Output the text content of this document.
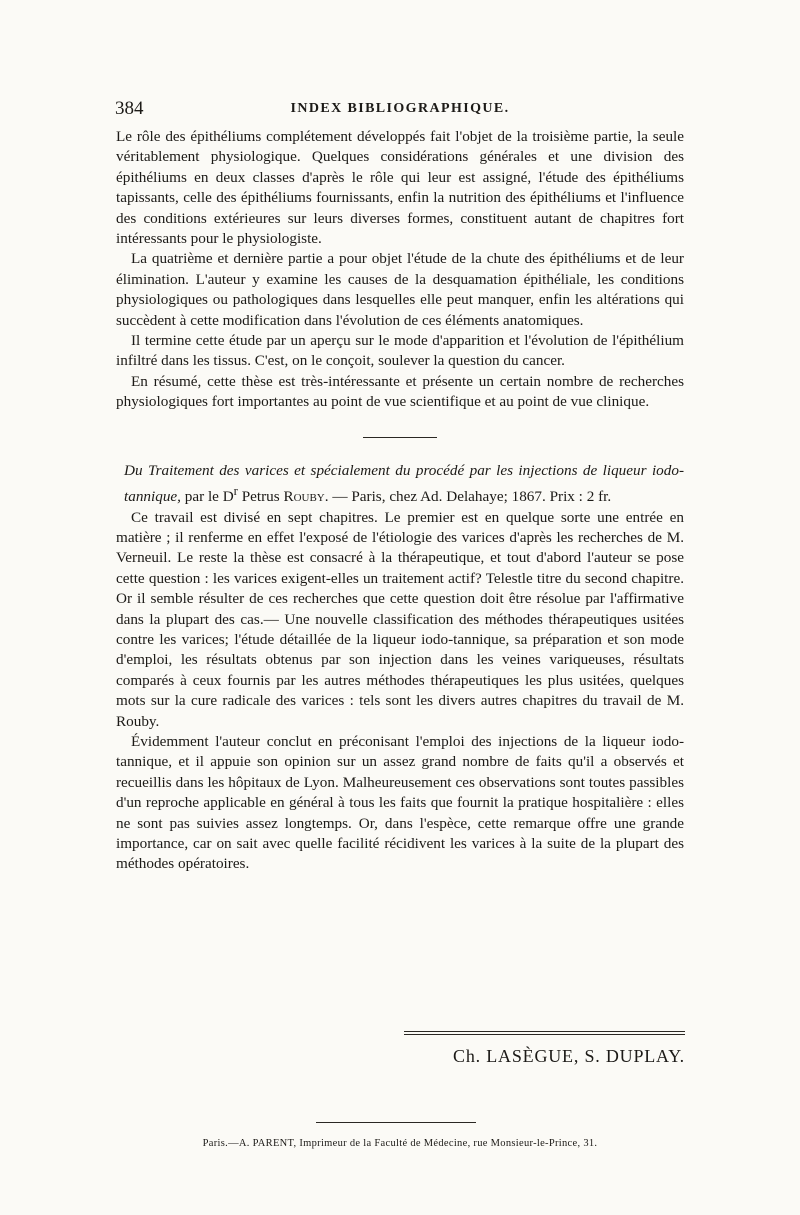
384	INDEX BIBLIOGRAPHIQUE.

Le rôle des épithéliums complétement développés fait l'objet de la troisième partie, la seule véritablement physiologique. Quelques considérations générales et une division des épithéliums en deux classes d'après le rôle qui leur est assigné, l'étude des épithéliums tapissants, celle des épithéliums fournissants, enfin la nutrition des épithéliums et l'influence des conditions extérieures sur leurs diverses formes, constituent autant de chapitres fort intéressants pour le physiologiste.

La quatrième et dernière partie a pour objet l'étude de la chute des épithéliums et de leur élimination. L'auteur y examine les causes de la desquamation épithéliale, les conditions physiologiques ou pathologiques dans lesquelles elle peut manquer, enfin les altérations qui succèdent à cette modification dans l'évolution de ces éléments anatomiques.

Il termine cette étude par un aperçu sur le mode d'apparition et l'évolution de l'épithélium infiltré dans les tissus. C'est, on le conçoit, soulever la question du cancer.

En résumé, cette thèse est très-intéressante et présente un certain nombre de recherches physiologiques fort importantes au point de vue scientifique et au point de vue clinique.

Du Traitement des varices et spécialement du procédé par les injections de liqueur iodo-tannique, par le $D^r$ Petrus Rouby. — Paris, chez Ad. Delahaye; 1867. Prix : 2 fr.

Ce travail est divisé en sept chapitres. Le premier est en quelque sorte une entrée en matière ; il renferme en effet l'exposé de l'étiologie des varices d'après les recherches de M. Verneuil. Le reste la thèse est consacré à la thérapeutique, et tout d'abord l'auteur se pose cette question : les varices exigent-elles un traitement actif? Telestle titre du second chapitre. Or il semble résulter de ces recherches que cette question doit être résolue par l'affirmative dans la plupart des cas.— Une nouvelle classification des méthodes thérapeutiques usitées contre les varices; l'étude détaillée de la liqueur iodo-tannique, sa préparation et son mode d'emploi, les résultats obtenus par son injection dans les veines variqueuses, résultats comparés à ceux fournis par les autres méthodes thérapeutiques les plus usitées, quelques mots sur la cure radicale des varices : tels sont les divers autres chapitres du travail de M. Rouby.

Évidemment l'auteur conclut en préconisant l'emploi des injections de la liqueur iodo-tannique, et il appuie son opinion sur un assez grand nombre de faits qu'il a observés et recueillis dans les hôpitaux de Lyon. Malheureusement ces observations sont toutes passibles d'un reproche applicable en général à tous les faits que fournit la pratique hospitalière : elles ne sont pas suivies assez longtemps. Or, dans l'espèce, cette remarque offre une grande importance, car on sait avec quelle facilité récidivent les varices à la suite de la plupart des méthodes opératoires.

Ch. LASÈGUE, S. DUPLAY.
Paris.—A. PARENT, Imprimeur de la Faculté de Médecine, rue Monsieur-le-Prince, 31.
